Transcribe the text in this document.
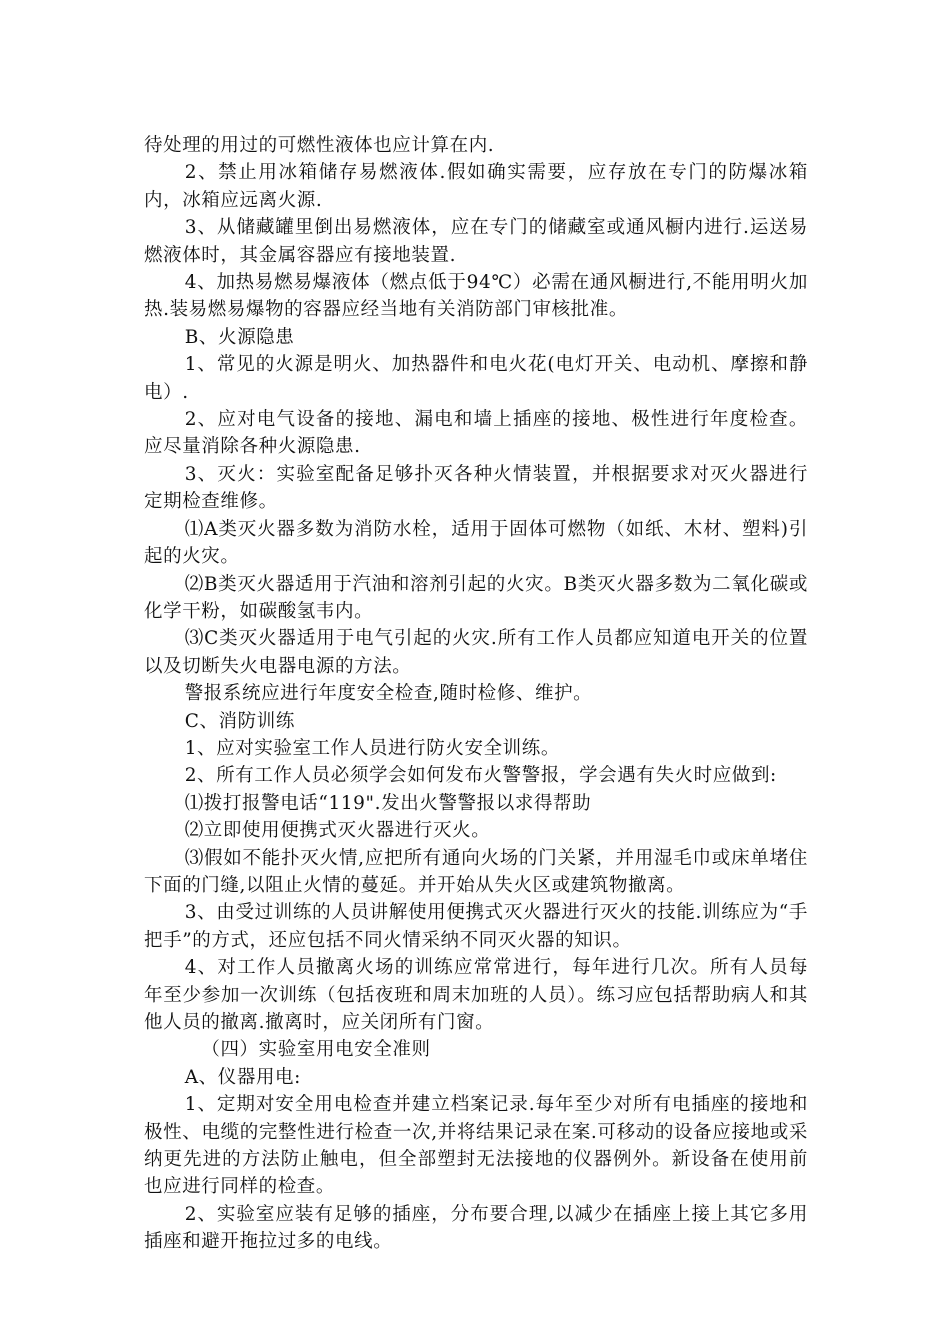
待处理的用过的可燃性液体也应计算在内.

2、禁止用冰箱储存易燃液体.假如确实需要，应存放在专门的防爆冰箱内，冰箱应远离火源.

3、从储藏罐里倒出易燃液体，应在专门的储藏室或通风橱内进行.运送易燃液体时，其金属容器应有接地装置.

4、加热易燃易爆液体（燃点低于94℃）必需在通风橱进行,不能用明火加热.装易燃易爆物的容器应经当地有关消防部门审核批准。

B、火源隐患

1、常见的火源是明火、加热器件和电火花(电灯开关、电动机、摩擦和静电）.

2、应对电气设备的接地、漏电和墙上插座的接地、极性进行年度检查。应尽量消除各种火源隐患.

3、灭火：实验室配备足够扑灭各种火情装置，并根据要求对灭火器进行定期检查维修。

⑴A类灭火器多数为消防水栓，适用于固体可燃物（如纸、木材、塑料)引起的火灾。

⑵B类灭火器适用于汽油和溶剂引起的火灾。B类灭火器多数为二氧化碳或化学干粉，如碳酸氢韦内。

⑶C类灭火器适用于电气引起的火灾.所有工作人员都应知道电开关的位置以及切断失火电器电源的方法。

警报系统应进行年度安全检查,随时检修、维护。

C、消防训练

1、应对实验室工作人员进行防火安全训练。

2、所有工作人员必须学会如何发布火警警报，学会遇有失火时应做到:

⑴拨打报警电话“119".发出火警警报以求得帮助

⑵立即使用便携式灭火器进行灭火。

⑶假如不能扑灭火情,应把所有通向火场的门关紧，并用湿毛巾或床单堵住下面的门缝,以阻止火情的蔓延。并开始从失火区或建筑物撤离。

3、由受过训练的人员讲解使用便携式灭火器进行灭火的技能.训练应为“手把手”的方式，还应包括不同火情采纳不同灭火器的知识。

4、对工作人员撤离火场的训练应常常进行，每年进行几次。所有人员每年至少参加一次训练（包括夜班和周末加班的人员）。练习应包括帮助病人和其他人员的撤离.撤离时，应关闭所有门窗。

（四）实验室用电安全准则

A、仪器用电:

1、定期对安全用电检查并建立档案记录.每年至少对所有电插座的接地和极性、电缆的完整性进行检查一次,并将结果记录在案.可移动的设备应接地或采纳更先进的方法防止触电，但全部塑封无法接地的仪器例外。新设备在使用前也应进行同样的检查。

2、实验室应装有足够的插座，分布要合理,以减少在插座上接上其它多用插座和避开拖拉过多的电线。
